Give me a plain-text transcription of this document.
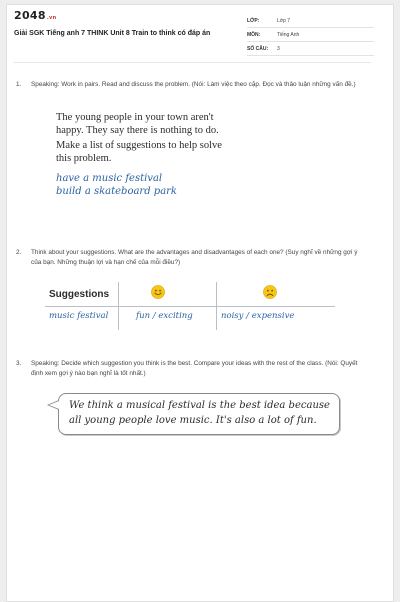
2048.vn
Giải SGK Tiếng anh 7 THINK Unit 8 Train to think có đáp án
LỚP:	Lớp 7
MÔN:	Tiếng Anh
SỐ CÂU: 3
1. Speaking: Work in pairs. Read and discuss the problem. (Nói: Làm việc theo cặp. Đọc và thảo luận những vấn đề.)

The young people in your town aren't happy. They say there is nothing to do.

Make a list of suggestions to help solve this problem.

have a music festival
build a skateboard park
2. Think about your suggestions. What are the advantages and disadvantages of each one? (Suy nghĩ về những gợi ý của bạn. Những thuận lợi và hạn chế của mỗi điều?)
Suggestions
music festival	fun / exciting	noisy / expensive
3. Speaking: Decide which suggestion you think is the best. Compare your ideas with the rest of the class. (Nói: Quyết định xem gợi ý nào bạn nghĩ là tốt nhất.)
We think a musical festival is the best idea because
all young people love music. It's also a lot of fun.
